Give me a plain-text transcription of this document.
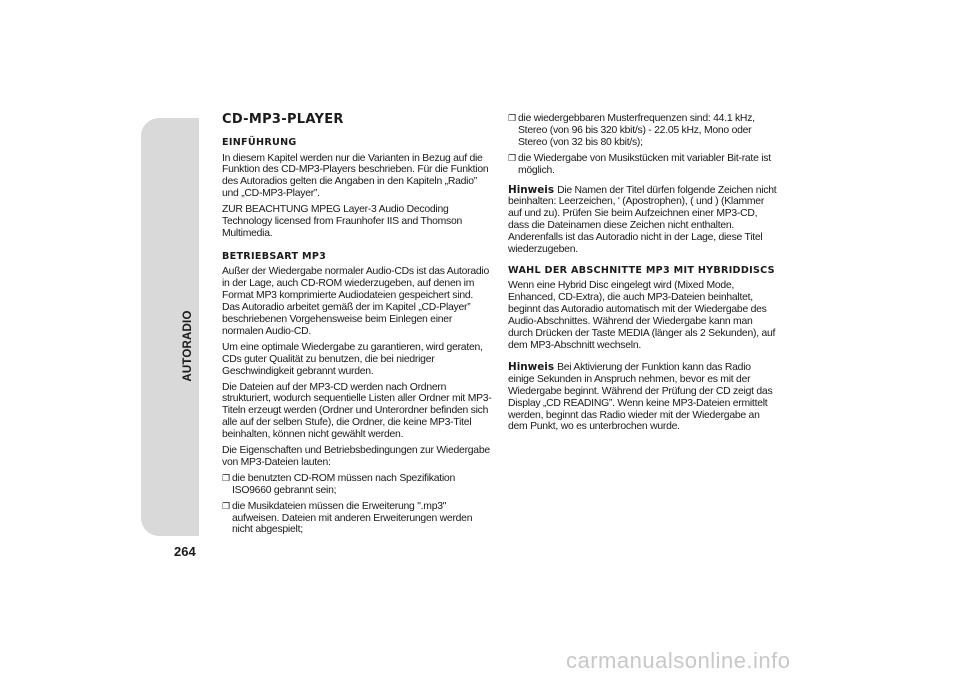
AUTORADIO
264
CD-MP3-PLAYER
EINFÜHRUNG

In diesem Kapitel werden nur die Varianten in Bezug auf die Funktion des CD-MP3-Players beschrieben. Für die Funktion des Autoradios gelten die Angaben in den Kapiteln „Radio” und „CD-MP3-Player”.

ZUR BEACHTUNG MPEG Layer-3 Audio Decoding Technology licensed from Fraunhofer IIS and Thomson Multimedia.

BETRIEBSART MP3

Außer der Wiedergabe normaler Audio-CDs ist das Autoradio in der Lage, auch CD-ROM wiederzugeben, auf denen im Format MP3 komprimierte Audiodateien gespeichert sind. Das Autoradio arbeitet gemäß der im Kapitel „CD-Player” beschriebenen Vorgehensweise beim Einlegen einer normalen Audio-CD.

Um eine optimale Wiedergabe zu garantieren, wird geraten, CDs guter Qualität zu benutzen, die bei niedriger Geschwindigkeit gebrannt wurden.

Die Dateien auf der MP3-CD werden nach Ordnern strukturiert, wodurch sequentielle Listen aller Ordner mit MP3-Titeln erzeugt werden (Ordner und Unterordner befinden sich alle auf der selben Stufe), die Ordner, die keine MP3-Titel beinhalten, können nicht gewählt werden.

Die Eigenschaften und Betriebsbedingungen zur Wiedergabe von MP3-Dateien lauten:

❐ die benutzten CD-ROM müssen nach Spezifikation ISO9660 gebrannt sein;
❐ die Musikdateien müssen die Erweiterung ".mp3" aufweisen. Dateien mit anderen Erweiterungen werden nicht abgespielt;
❐ die wiedergebbaren Musterfrequenzen sind: 44.1 kHz, Stereo (von 96 bis 320 kbit/s) - 22.05 kHz, Mono oder Stereo (von 32 bis 80 kbit/s);
❐ die Wiedergabe von Musikstücken mit variabler Bit-rate ist möglich.

Hinweis Die Namen der Titel dürfen folgende Zeichen nicht beinhalten: Leerzeichen, ' (Apostrophen), ( und ) (Klammer auf und zu). Prüfen Sie beim Aufzeichnen einer MP3-CD, dass die Dateinamen diese Zeichen nicht enthalten. Anderenfalls ist das Autoradio nicht in der Lage, diese Titel wiederzugeben.

WAHL DER ABSCHNITTE MP3 MIT HYBRIDDISCS

Wenn eine Hybrid Disc eingelegt wird (Mixed Mode, Enhanced, CD-Extra), die auch MP3-Dateien beinhaltet, beginnt das Autoradio automatisch mit der Wiedergabe des Audio-Abschnittes. Während der Wiedergabe kann man durch Drücken der Taste MEDIA (länger als 2 Sekunden), auf dem MP3-Abschnitt wechseln.

Hinweis Bei Aktivierung der Funktion kann das Radio einige Sekunden in Anspruch nehmen, bevor es mit der Wiedergabe beginnt. Während der Prüfung der CD zeigt das Display „CD READING”. Wenn keine MP3-Dateien ermittelt werden, beginnt das Radio wieder mit der Wiedergabe an dem Punkt, wo es unterbrochen wurde.

carmanualsonline.info
